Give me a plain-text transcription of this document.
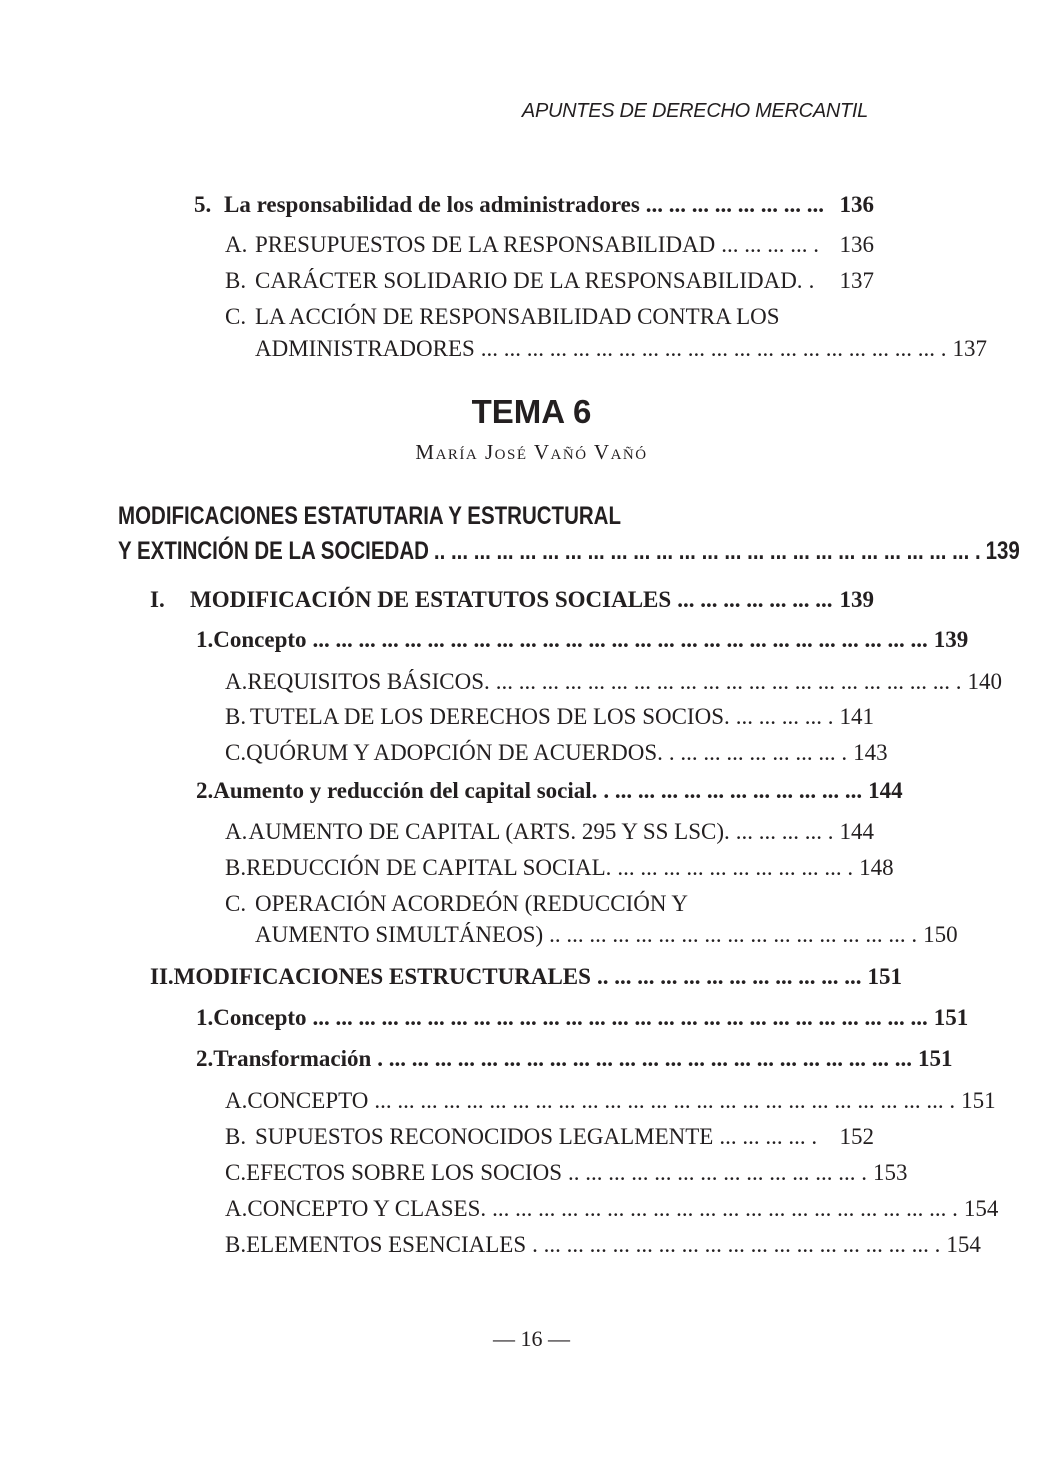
APUNTES DE DERECHO MERCANTIL
5. La responsabilidad de los administradores ... ... ... ... ... ... ... ... 136
A. PRESUPUESTOS DE LA RESPONSABILIDAD ... ... ... ... . 136
B. CARÁCTER SOLIDARIO DE LA RESPONSABILIDAD. .	137
C. LA ACCIÓN DE RESPONSABILIDAD CONTRA LOS
ADMINISTRADORES ... ... ... ... ... ... ... ... ... ... ... ... ... ... ... ... ... ... ... ... . 137
TEMA 6
María José Vañó Vañó
MODIFICACIONES ESTATUTARIA Y ESTRUCTURAL
Y EXTINCIÓN DE LA SOCIEDAD .. ... ... ... ... ... ... ... ... ... ... ... ... ... ... ... ... ... ... ... ... ... ... ... . 139
I.	MODIFICACIÓN DE ESTATUTOS SOCIALES ... ... ... ... ... ... ... 139
1. Concepto ... ... ... ... ... ... ... ... ... ... ... ... ... ... ... ... ... ... ... ... ... ... ... ... ... ... ... 139
A. REQUISITOS BÁSICOS. ... ... ... ... ... ... ... ... ... ... ... ... ... ... ... ... ... ... ... ... . 140
B. TUTELA DE LOS DERECHOS DE LOS SOCIOS. ... ... ... ... . 141
C. QUÓRUM Y ADOPCIÓN DE ACUERDOS. . ... ... ... ... ... ... ... . 143
2. Aumento y reducción del capital social. . ... ... ... ... ... ... ... ... ... ... ... 144
A. AUMENTO DE CAPITAL (ARTS. 295 Y SS LSC). ... ... ... ... . 144
B. REDUCCIÓN DE CAPITAL SOCIAL. ... ... ... ... ... ... ... ... ... ... . 148
C. OPERACIÓN ACORDEÓN (REDUCCIÓN Y
AUMENTO SIMULTÁNEOS) .. ... ... ... ... ... ... ... ... ... ... ... ... ... ... ... . 150
II. MODIFICACIONES ESTRUCTURALES .. ... ... ... ... ... ... ... ... ... ... ... 151
1. Concepto ... ... ... ... ... ... ... ... ... ... ... ... ... ... ... ... ... ... ... ... ... ... ... ... ... ... ... 151
2. Transformación . ... ... ... ... ... ... ... ... ... ... ... ... ... ... ... ... ... ... ... ... ... ... ... 151
A. CONCEPTO ... ... ... ... ... ... ... ... ... ... ... ... ... ... ... ... ... ... ... ... ... ... ... ... ... . 151
B. SUPUESTOS RECONOCIDOS LEGALMENTE ... ... ... ... . 152
C. EFECTOS SOBRE LOS SOCIOS .. ... ... ... ... ... ... ... ... ... ... ... ... . 153
A. CONCEPTO Y CLASES. ... ... ... ... ... ... ... ... ... ... ... ... ... ... ... ... ... ... ... ... . 154
B. ELEMENTOS ESENCIALES . ... ... ... ... ... ... ... ... ... ... ... ... ... ... ... ... ... . 154
— 16 —
